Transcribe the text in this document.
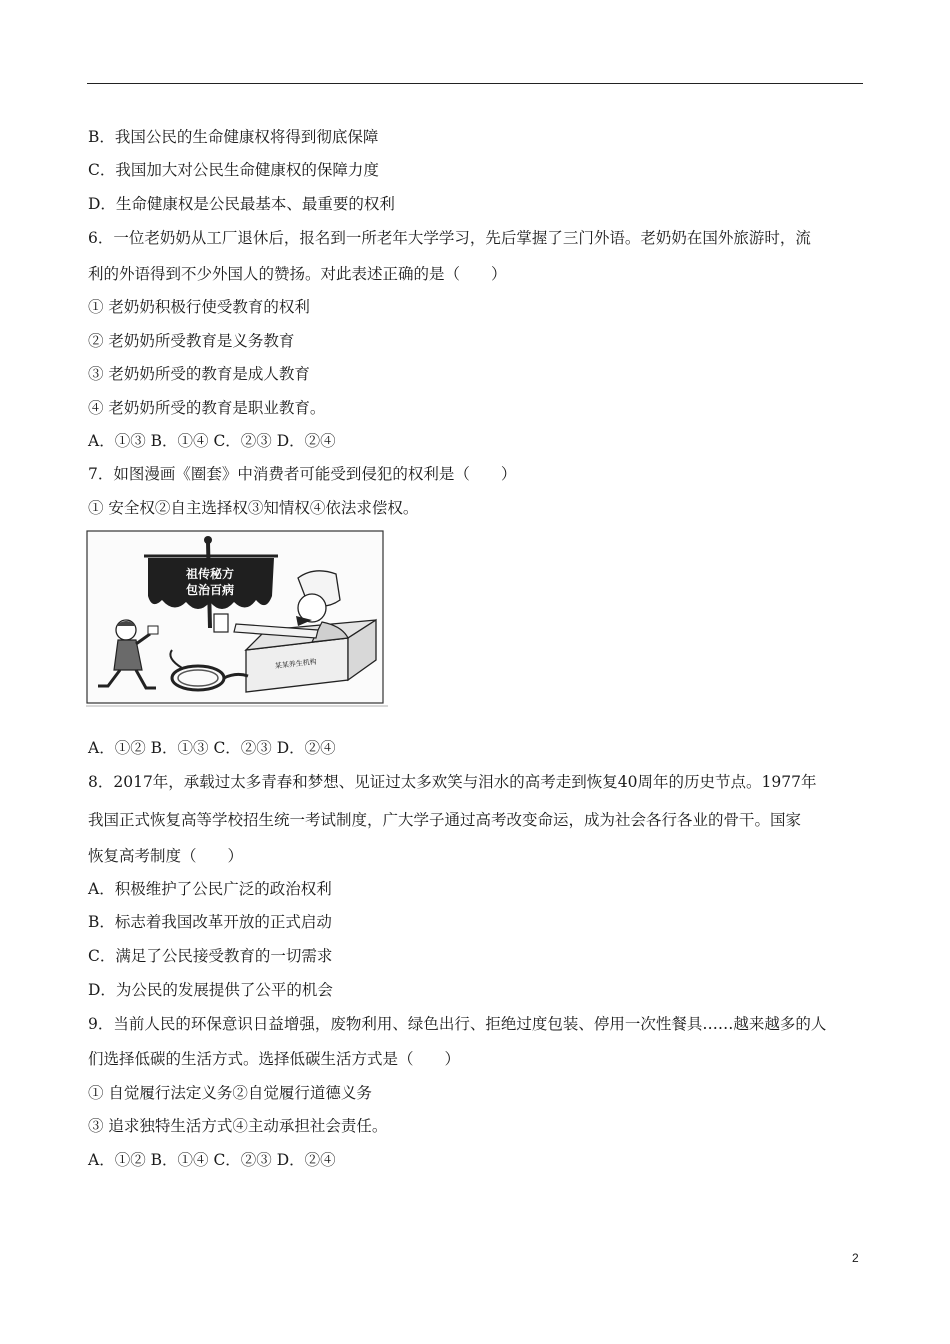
B．我国公民的生命健康权将得到彻底保障
C．我国加大对公民生命健康权的保障力度
D．生命健康权是公民最基本、最重要的权利
6．一位老奶奶从工厂退休后，报名到一所老年大学学习，先后掌握了三门外语。老奶奶在国外旅游时，流
利的外语得到不少外国人的赞扬。对此表述正确的是（　　）
① 老奶奶积极行使受教育的权利
② 老奶奶所受教育是义务教育
③ 老奶奶所受的教育是成人教育
④ 老奶奶所受的教育是职业教育。
A．①③ B．①④ C．②③ D．②④
7．如图漫画《圈套》中消费者可能受到侵犯的权利是（　　）
① 安全权②自主选择权③知情权④依法求偿权。
祖传秘方
包治百病
某某养生机构
A．①② B．①③ C．②③ D．②④
8．2017年，承载过太多青春和梦想、见证过太多欢笑与泪水的高考走到恢复40周年的历史节点。1977年
我国正式恢复高等学校招生统一考试制度，广大学子通过高考改变命运，成为社会各行各业的骨干。国家
恢复高考制度（　　）
A．积极维护了公民广泛的政治权利
B．标志着我国改革开放的正式启动
C．满足了公民接受教育的一切需求
D．为公民的发展提供了公平的机会
9．当前人民的环保意识日益增强，废物利用、绿色出行、拒绝过度包装、停用一次性餐具……越来越多的人
们选择低碳的生活方式。选择低碳生活方式是（　　）
① 自觉履行法定义务②自觉履行道德义务
③ 追求独特生活方式④主动承担社会责任。
A．①② B．①④ C．②③ D．②④
2
